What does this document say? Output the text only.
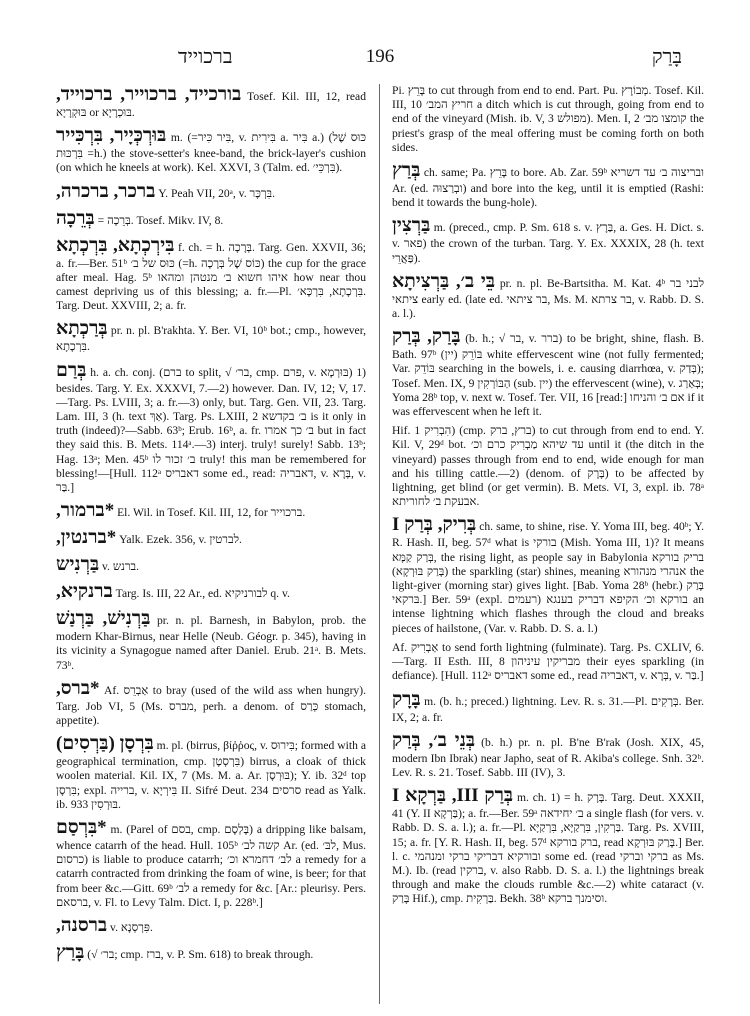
ברכוייד	196	בָּרַק

בורכייד, ברכוייר, ברכוייד, Tosef. Kil. III, 12, read בּוּקְרָיָא or בּוּכְרָיָא.

בּוּרְכְּיָיר, בִּרְכִּייר m. (=בִּיר כִּיר, v. בִּירִית a. בִּיר a.) (כּוּס שֶׁל בִּרְכּוּת =h.) the stove-setter's knee-band, the brick-layer's cushion (on which he kneels at work). Kel. XXVI, 3 (Talm. ed. בִּרְכֵּי׳).

ברכר, ברכרה, Y. Peah VII, 20ᵃ, v. בִּרְכָּר.

בְּרֵכָה = בְּרֵכָה. Tosef. Mikv. IV, 8.

בִּירְכְתָא, בִּרְכְתָא f. ch. = h. בְּרָכָה. Targ. Gen. XXVII, 36; a. fr.—Ber. 51ᵇ כּוּס של ב׳ (=h. כּוֹס שֶׁל בְּרָכָה) the cup for the grace after meal. Hag. 5ᵇ איהו חשוא ב׳ מנטהן ומהאו how near thou camest depriving us of this blessing; a. fr.—Pl. בִּרְכָתָא, בִּרְכָּא׳. Targ. Deut. XXVIII, 2; a. fr.

בְּרַכְתָא pr. n. pl. B'rakhta. Y. Ber. VI, 10ᵇ bot.; cmp., however, בִּרְכָתָא.

בְּרַם h. a. ch. conj. (ברם to split, √ בר׳, cmp. פרם, v. בּוּרְמָא) 1) besides. Targ. Y. Ex. XXXVI, 7.—2) however. Dan. IV, 12; V, 17.—Targ. Ps. LVIII, 3; a. fr.—3) only, but. Targ. Gen. VII, 23. Targ. Lam. III, 3 (h. text אַךְ). Targ. Ps. LXIII, 2 ב׳ בקדשא is it only in truth (indeed)?—Sabb. 63ᵇ; Erub. 16ᵇ, a. fr. ב׳ כך אמרו but in fact they said this. B. Mets. 114ᵃ.—3) interj. truly! surely! Sabb. 13ᵇ; Hag. 13ᵃ; Men. 45ᵇ ב׳ זכור לו truly! this man be remembered for blessing!—[Hull. 112ᵃ דאבריס some ed., read: דאבריה, v. בְּרָא, v. בַּר.]

*ברמור, El. Wil. in Tosef. Kil. III, 12, for ברכוייר.

*ברנטין, Yalk. Ezek. 356, v. לברטין.

בַּרְנִיש v. ברנש.

ברנקיא, Targ. Is. III, 22 Ar., ed. לבורניקיא q. v.

בַּרְנִישׁ, בַּרְנַשׁ pr. n. pl. Barnesh, in Babylon, prob. the modern Khar-Birnus, near Helle (Neub. Géogr. p. 345), having in its vicinity a Synagogue named after Daniel. Erub. 21ᵃ. B. Mets. 73ᵇ.

*ברס, Af. אַבְרֵס to bray (used of the wild ass when hungry). Targ. Job VI, 5 (Ms. מברס, perh. a denom. of כְּרַס stomach, appetite).

בִּרְסָן (בַּרְסִים) m. pl. (birrus, βίῤῥος, v. בִּירוּס; formed with a geographical termination, cmp. בִּרְסְטָן) birrus, a cloak of thick woolen material. Kil. IX, 7 (Ms. M. a. Ar. בּוּרְסָן); Y. ib. 32ᵈ top בִּרְסָן; expl. ברייה, v. בִּירְיָא II. Sifré Deut. 234 סרסים read as Yalk. ib. 933 בּוּרְסִין.

*בִּרְסַם m. (Parel of בסם, cmp. בָּלְסָם) a dripping like balsam, whence catarrh of the head. Hull. 105ᵇ קשה לב׳ Ar. (ed. לבּ׳, Mus. כרסום) is liable to produce catarrh; לב׳ דחמרא וכ׳ a remedy for a catarrh contracted from drinking the foam of wine, is beer; for that from beer &c.—Gitt. 69ᵇ לב׳ a remedy for &c. [Ar.: pleurisy. Pers. ברסאם, v. Fl. to Levy Talm. Dict. I, p. 228ᵇ.]

ברסנה, v. פִּרְסְנָא.

בָּרַץ (√ בר׳; cmp. ברז, v. P. Sm. 618) to break through.

Pi. בָּרֵץ to cut through from end to end. Part. Pu. מְבוֹרָץ. Tosef. Kil. III, 10 חריץ המב׳ a ditch which is cut through, going from end to end of the vineyard (Mish. ib. V, 3 מפולש). Men. I, 2 קומצו מב׳ the priest's grasp of the meal offering must be coming forth on both sides.

בְּרַץ ch. same; Pa. בָּרֵץ to bore. Ab. Zar. 59ᵇ ובריצוה ב׳ עד דשריא Ar. (ed. ובְרַצוּה) and bore into the keg, until it is emptied (Rashi: bend it towards the bung-hole).

בַּרְצִין m. (preced., cmp. P. Sm. 618 s. v. בַּרָץ, a. Ges. H. Dict. s. v. פאר) the crown of the turban. Targ. Y. Ex. XXXIX, 28 (h. text פַּאֲרֵי).

בֵּי ב׳, בַּרְצִיתָא pr. n. pl. Be-Bartsitha. M. Kat. 4ᵇ לבני בר ציתאי early ed. (late ed. בר ציתאי, Ms. M. בר צרתא, v. Rabb. D. S. a. l.).

בָּרַק, בְּרַק (b. h.; √ בר, v. ברר) to be bright, shine, flash. B. Bath. 97ᵇ (יין) בּוֹרֵק white effervescent wine (not fully fermented; Var. בּוֹדֵק searching in the bowels, i. e. causing diarrhœa, v. בְּדַק); Tosef. Men. IX, 9 הַבּוֹרְקִין (sub. יין) the effervescent (wine), v. בְּאַרַג; Yoma 28ᵇ top, v. next w. Tosef. Ter. VII, 16 [read:] אם ב׳ והניחו if it was effervescent when he left it.

Hif. הִבְרִיק 1) (cmp. ברץ, ברק) to cut through from end to end. Y. Kil. V, 29ᵈ bot. עד שיהא מַבְרִיק כרם וכ׳ until it (the ditch in the vineyard) passes through from end to end, wide enough for man and his tilling cattle.—2) (denom. of בָּרָק) to be affected by lightning, get blind (or get vermin). B. Mets. VI, 3, expl. ib. 78ᵃ אבעקת ב׳ לחוריתא.

בְּרִיק, בְּרַק I ch. same, to shine, rise. Y. Yoma III, beg. 40ᵇ; Y. R. Hash. II, beg. 57ᵈ what is בורקי (Mish. Yoma III, 1)? It means בְּרַק קַמָּא, the rising light, as people say in Babylonia בריק בורקא (בָּרַק בּוּרְקָא) the sparkling (star) shines, meaning אנהרי מנהורא the light-giver (morning star) gives light. [Bab. Yoma 28ᵇ (hebr.) בָּרַק בּרקאי.] Ber. 59ᵃ (expl. רעמים) בורקא וכ׳ הקיפא דבריק בענגא an intense lightning which flashes through the cloud and breaks pieces of hailstone, (Var. v. Rabb. D. S. a. l.)

Af. אַבְרִיק to send forth lightning (fulminate). Targ. Ps. CXLIV, 6.—Targ. II Esth. III, 8 מבריקין עיניהון their eyes sparkling (in defiance). [Hull. 112ᵃ דאבריס some ed., read דאבריה, v. בְּרָא, v. בַּר.]

בָּרָק m. (b. h.; preced.) lightning. Lev. R. s. 31.—Pl. בְּרָקִים. Ber. IX, 2; a. fr.

בְּנֵי ב׳, בְּרַק (b. h.) pr. n. pl. B'ne B'rak (Josh. XIX, 45, modern Ibn Ibrak) near Japho, seat of R. Akiba's college. Snh. 32ᵇ. Lev. R. s. 21. Tosef. Sabb. III (IV), 3.

בְּרַק III, בַּרְקָא I m. ch. 1) = h. בָּרָק. Targ. Deut. XXXII, 41 (Y. II בַּרְקָא); a. fr.—Ber. 59ᵃ ב׳ יחידאה a single flash (for vers. v. Rabb. D. S. a. l.); a. fr.—Pl. בַּרְקִין, בִּרְקַיָּא, בִּרְקַיָּא. Targ. Ps. XVIII, 15; a. fr. [Y. R. Hash. II, beg. 57ᵈ ברק בורקא, read בָּרַק בּוּרְקָא.] Ber. l. c. ובורקיא דבריקי ברקי ומנהמי some ed. (read ברקי וברקי as Ms. M.). Ib. (read ברקין, v. also Rabb. D. S. a. l.) the lightnings break through and make the clouds rumble &c.—2) white cataract (v. בָּרַק Hif.), cmp. בַּרְקִית. Bekh. 38ᵇ וסימנך ברקא.
